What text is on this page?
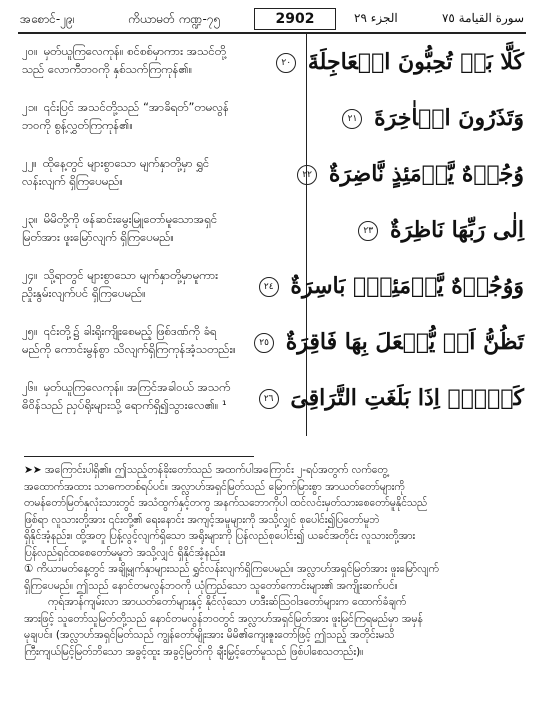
အစောင်-၂၉၊	ကိယာမတ် ကဏ္ဍ-၇၅	2902	الجزء ٢٩	سورة القيامة ٧٥
၂၀။ မှတ်ယူကြလေကုန်။ စင်စစ်မှာကား အသင်တို့
သည် လောကီဘဝကို နှစ်သက်ကြကုန်၏။	كَلَّا بَلۡ تُحِبُّونَ الۡعَاجِلَةَ ٢٠
၂၁။ ၎င်းပြင် အသင်တို့သည် “အာခိရတ်”တမလွန်
ဘဝကို စွန့်လွှတ်ကြကုန်၏။	وَتَذَرُونَ الۡاٰخِرَةَ ٢١
၂၂။ ထိုနေ့တွင် များစွာသော မျက်နှာတို့မှာ ရွှင်
လန်းလျက် ရှိကြပေမည်။	وُجُوۡهٌ يَّوۡمَئِذٍ نَّاضِرَةٌ ٢٢
၂၃။ မိမိတို့ကို ဖန်ဆင်းမွေးမြူတော်မူသောအရှင်
မြတ်အား ဖူးမြော်လျက် ရှိကြပေမည်။	اِلٰى رَبِّهَا نَاظِرَةٌ ٢٣
၂၄။ သို့ရာတွင် များစွာသော မျက်နှာတို့မှာမူကား
ညှိုးနွမ်းလျက်ပင် ရှိကြပေမည်။	وَوُجُوۡهٌ يَّوۡمَئِذٍۢ بَاسِرَةٌ ٢٤
၂၅။ ၎င်းတို့၌ ခါးရိုးကျိုးစေမည့် ဖြစ်ဒဏ်ကို ခံရ
မည်ကို ကောင်းမွန်စွာ သိလျက်ရှိကြကုန်အံ့သတည်း။	تَظُنُّ اَنۡ يُّفۡعَلَ بِهَا فَاقِرَةٌ ٢٥
၂၆။ မှတ်ယူကြလေကုန်။ အကြင်အခါဝယ် အသက်
ဓိဝိန်သည် ညှပ်ရိုးများသို့ ရောက်ရှိ၍သွားလေ၏။ ¹	كَلَّاۤ اِذَا بَلَغَتِ التَّرَاقِىَ ٢٦
➤➤ အကြောင်းပါရှိ၏။ ဤသည့်တန်ခိုးတော်သည် အထက်ပါအကြောင်း ၂-ရပ်အတွက် လက်တွေ့
အထောက်အထား သာဓကတစ်ရပ်ပင်။ အလ္လာဟ်အရှင်မြတ်သည် မြောက်မြားစွာ အာယတ်တော်များကို
တမန်တော်မြတ်နှလုံးသားတွင် အသံထွက်နှင့်တကွ အနက်သဘောကိုပါ ထင်လင်းမှတ်သားစေတော်မူနိုင်သည်
ဖြစ်ရာ လူသားတို့အား ၎င်းတို့၏ ရေးနောင်း အကျင့်အမူများကို အသို့လျှင် စုပေါင်း၍ပြတော်မူဘဲ
ရှိနိုင်အံ့နည်း။ ထို့အတူ ပြန့်လွင့်လျက်ရှိသော အရိုးများကို ပြန်လည်စုပေါင်း၍ ယခင်အတိုင်း လူသားတို့အား
ပြန်လည်ရှင်ထစေတော်မမူဘဲ အသို့လျှင် ရှိနိုင်အံ့နည်း။
① ကိယာမတ်နေ့တွင် အချို့မျက်နှာများသည် ရွှင်လန်းလျက်ရှိကြပေမည်။ အလ္လာဟ်အရှင်မြတ်အား ဖူးမြော်လျက်
ရှိကြပေမည်။ ဤသည် နောင်တမလွန်ဘဝကို ယုံကြည်သော သူတော်ကောင်းများ၏ အကျိုးဆက်ပင်။
ကုရ်အာန်ကျမ်းလာ အာယတ်တော်များနှင့် နိုင်လုံသော ဟဒီးဆ်ဩဝါဒတော်များက ထောက်ခံချက်
အားဖြင့် သူတော်သူမြတ်တို့သည် နောင်တမလွန်ဘဝတွင် အလ္လာဟ်အရှင်မြတ်အား ဖူးမြင်ကြရမည်မှာ အမှန်
မုချပင်။ (အလ္လာဟ်အရှင်မြတ်သည် ကျွန်တော်မျိုးအား မိမိ၏ကျေးဇူးတော်ဖြင့် ဤသည့် အတိုင်းမသိ
ကြီးကျယ်မြင့်မြတ်ဘိသော အခွင့်ထူး အခွင့်မြတ်ကို ချီးမြှင့်တော်မူသည် ဖြစ်ပါစေသတည်း)။
